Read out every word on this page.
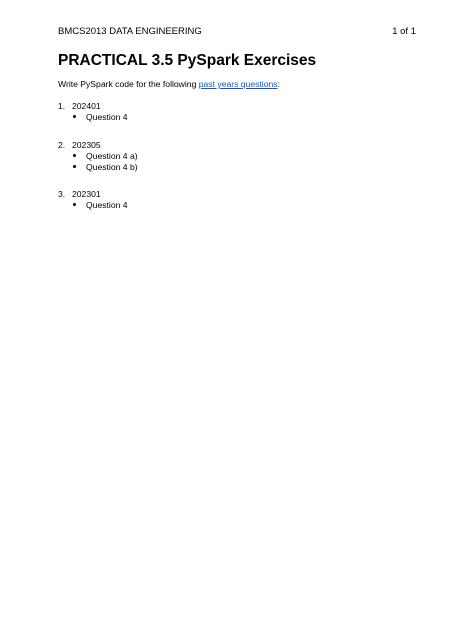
BMCS2013 DATA ENGINEERING	1 of 1
PRACTICAL 3.5 PySpark Exercises

Write PySpark code for the following past years questions:

1. 202401
Question 4
2. 202305
Question 4 a)
Question 4 b)
3. 202301
Question 4
